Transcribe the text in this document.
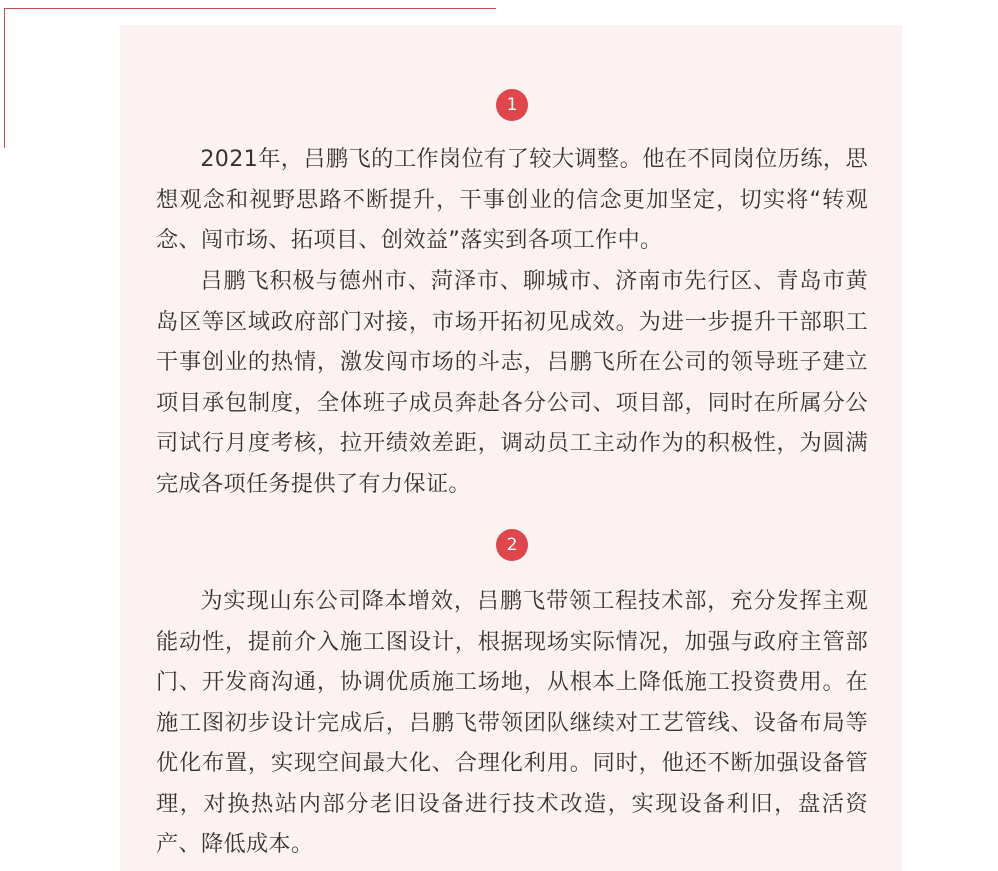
1

2021年，吕鹏飞的工作岗位有了较大调整。他在不同岗位历练，思想观念和视野思路不断提升，干事创业的信念更加坚定，切实将“转观念、闯市场、拓项目、创效益”落实到各项工作中。

吕鹏飞积极与德州市、菏泽市、聊城市、济南市先行区、青岛市黄岛区等区域政府部门对接，市场开拓初见成效。为进一步提升干部职工干事创业的热情，激发闯市场的斗志，吕鹏飞所在公司的领导班子建立项目承包制度，全体班子成员奔赴各分公司、项目部，同时在所属分公司试行月度考核，拉开绩效差距，调动员工主动作为的积极性，为圆满完成各项任务提供了有力保证。

2

为实现山东公司降本增效，吕鹏飞带领工程技术部，充分发挥主观能动性，提前介入施工图设计，根据现场实际情况，加强与政府主管部门、开发商沟通，协调优质施工场地，从根本上降低施工投资费用。在施工图初步设计完成后，吕鹏飞带领团队继续对工艺管线、设备布局等优化布置，实现空间最大化、合理化利用。同时，他还不断加强设备管理，对换热站内部分老旧设备进行技术改造，实现设备利旧，盘活资产、降低成本。
